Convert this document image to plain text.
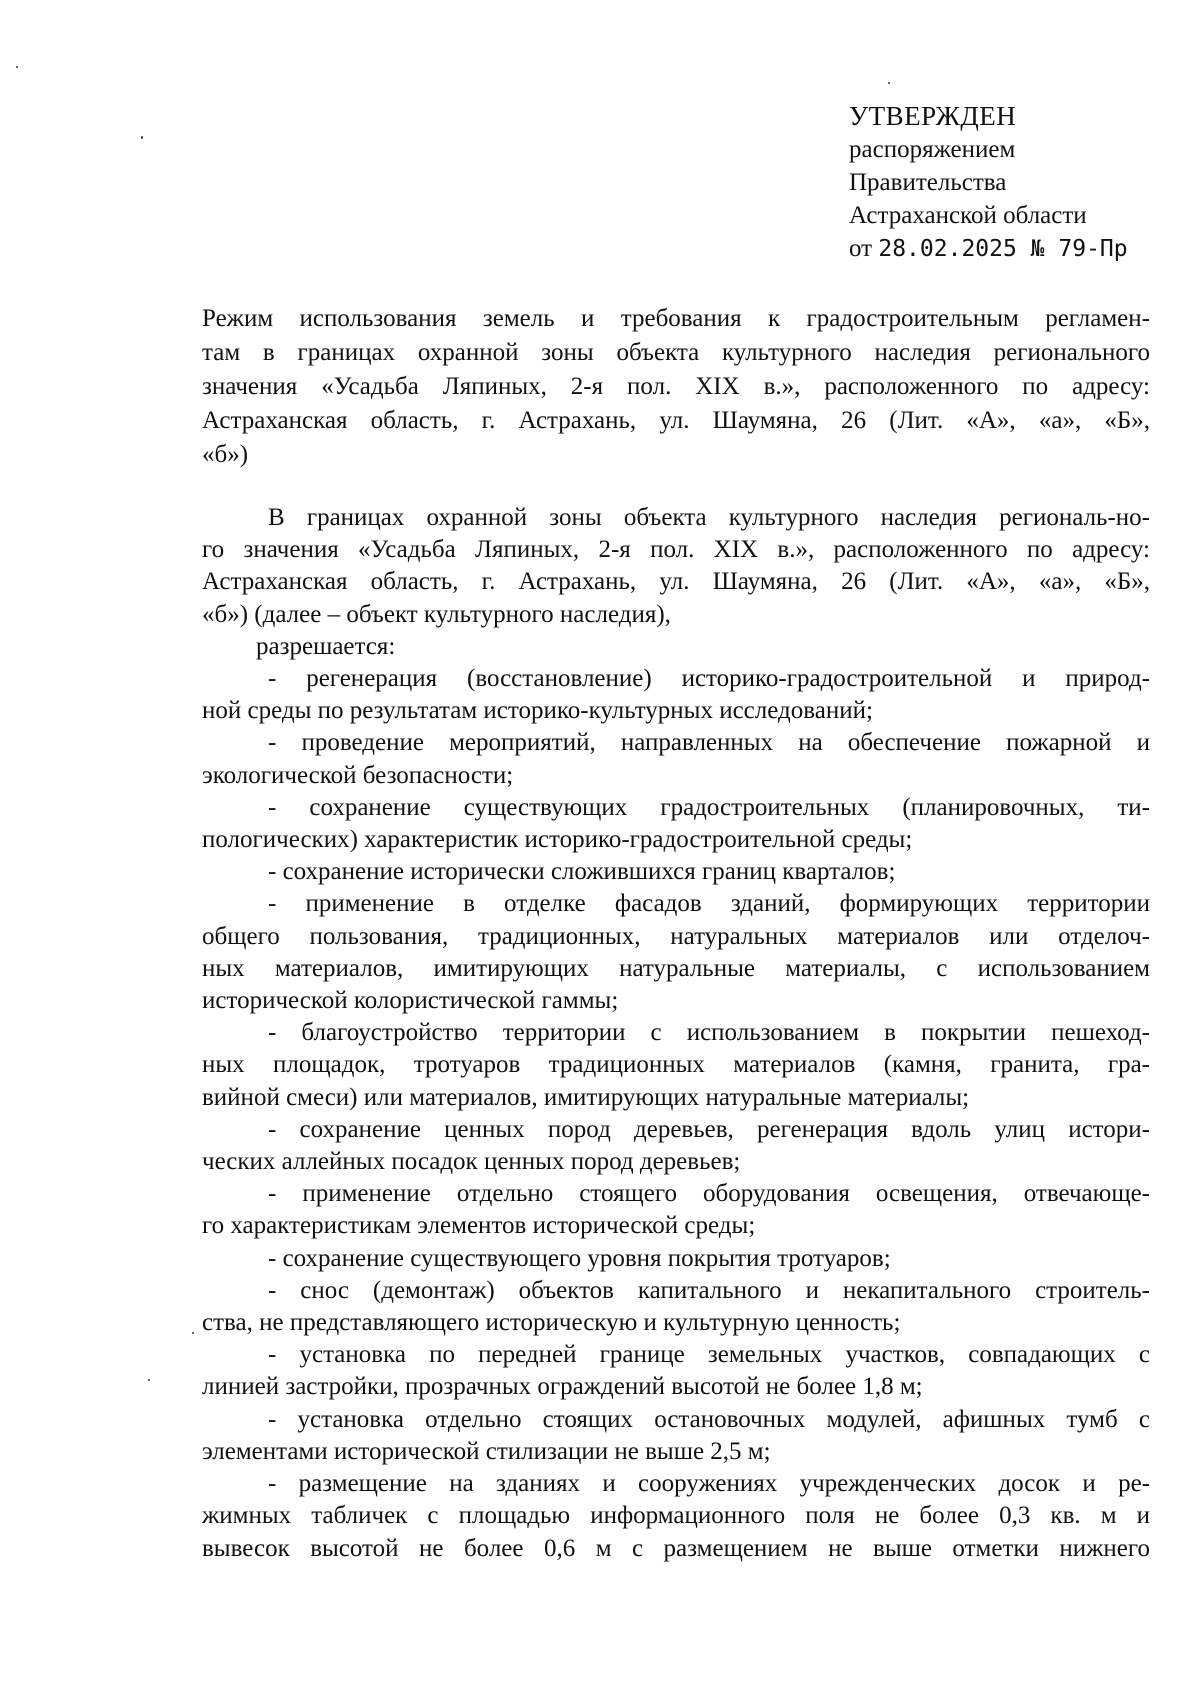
УТВЕРЖДЕН
распоряжением
Правительства
Астраханской области
от 28.02.2025 № 79-Пр
Режим использования земель и требования к градостроительным регламен-
там в границах охранной зоны объекта культурного наследия регионального
значения «Усадьба Ляпиных, 2-я пол. XIX в.», расположенного по адресу:
Астраханская область, г. Астрахань, ул. Шаумяна, 26 (Лит. «А», «а», «Б»,
«б»)
В границах охранной зоны объекта культурного наследия региональ-но-
го значения «Усадьба Ляпиных, 2-я пол. XIX в.», расположенного по адресу:
Астраханская область, г. Астрахань, ул. Шаумяна, 26 (Лит. «А», «а», «Б»,
«б») (далее – объект культурного наследия),
разрешается:
- регенерация (восстановление) историко-градостроительной и природ-
ной среды по результатам историко-культурных исследований;
- проведение мероприятий, направленных на обеспечение пожарной и
экологической безопасности;
- сохранение существующих градостроительных (планировочных, ти-
пологических) характеристик историко-градостроительной среды;
- сохранение исторически сложившихся границ кварталов;
- применение в отделке фасадов зданий, формирующих территории
общего пользования, традиционных, натуральных материалов или отделоч-
ных материалов, имитирующих натуральные материалы, с использованием
исторической колористической гаммы;
- благоустройство территории с использованием в покрытии пешеход-
ных площадок, тротуаров традиционных материалов (камня, гранита, гра-
вийной смеси) или материалов, имитирующих натуральные материалы;
- сохранение ценных пород деревьев, регенерация вдоль улиц истори-
ческих аллейных посадок ценных пород деревьев;
- применение отдельно стоящего оборудования освещения, отвечающе-
го характеристикам элементов исторической среды;
- сохранение существующего уровня покрытия тротуаров;
- снос (демонтаж) объектов капитального и некапитального строитель-
ства, не представляющего историческую и культурную ценность;
- установка по передней границе земельных участков, совпадающих с
линией застройки, прозрачных ограждений высотой не более 1,8 м;
- установка отдельно стоящих остановочных модулей, афишных тумб с
элементами исторической стилизации не выше 2,5 м;
- размещение на зданиях и сооружениях учрежденческих досок и ре-
жимных табличек с площадью информационного поля не более 0,3 кв. м и
вывесок высотой не более 0,6 м с размещением не выше отметки нижнего
